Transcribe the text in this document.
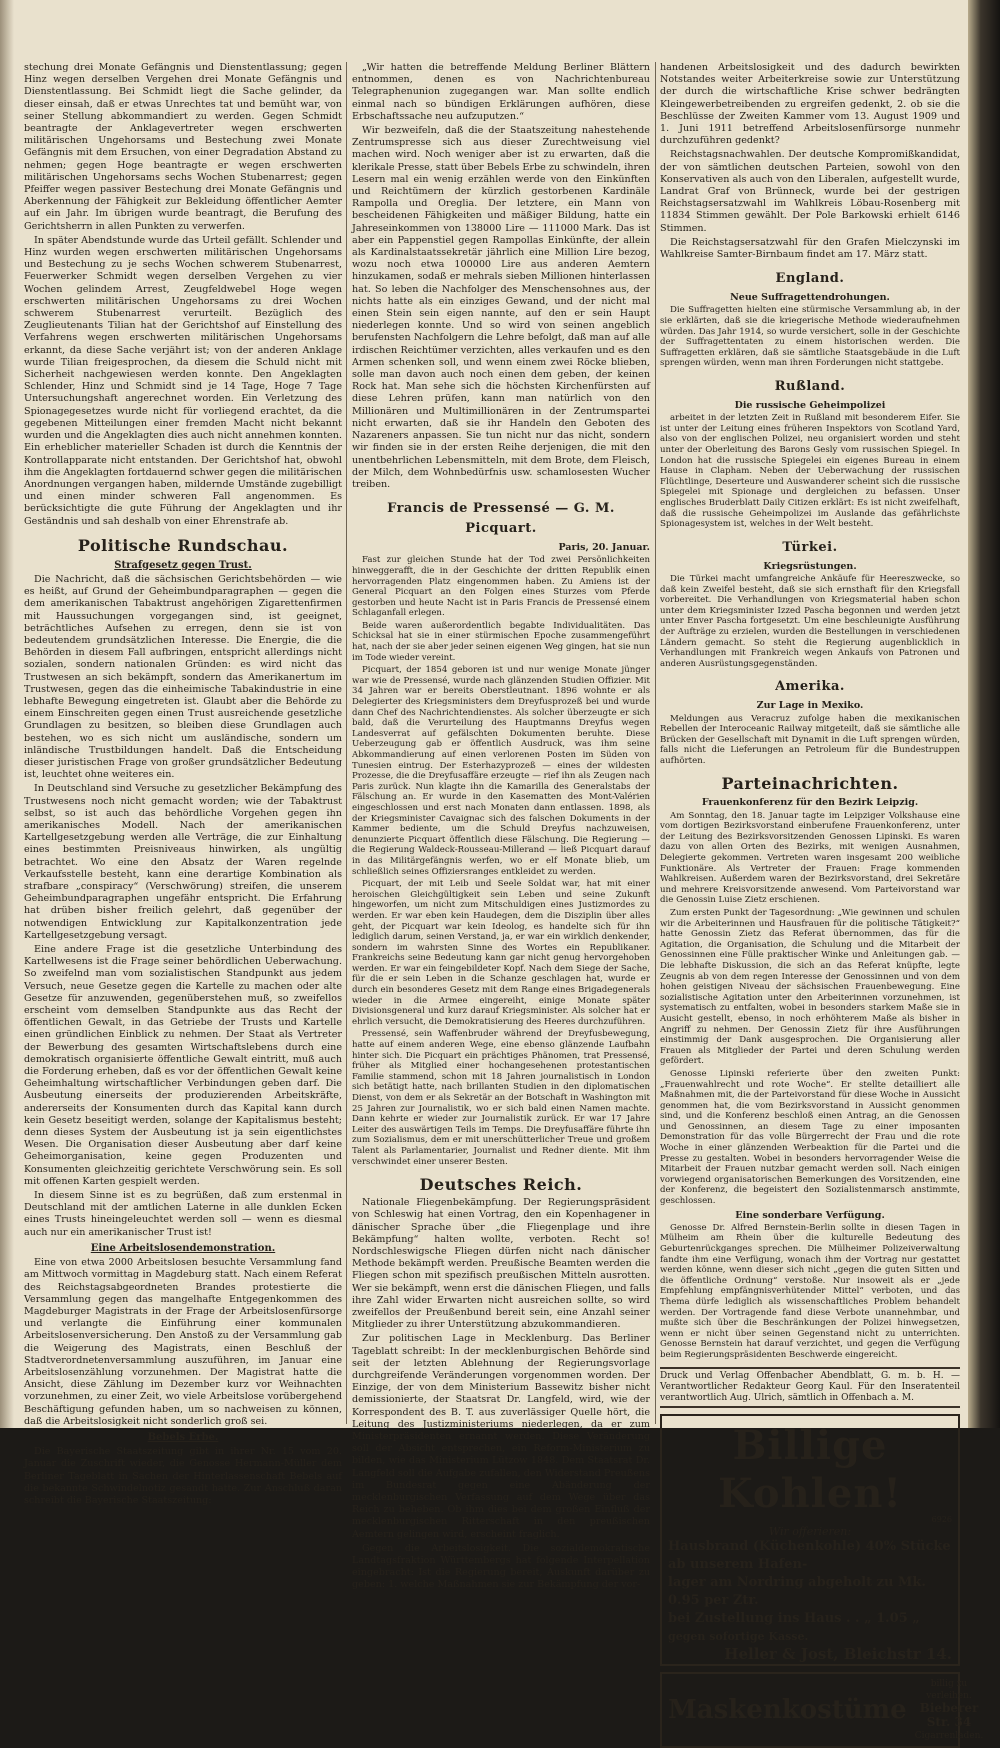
stechung drei Monate Gefängnis und Dienstentlassung; gegen Hinz wegen derselben Vergehen drei Monate Gefängnis und Dienstentlassung. Bei Schmidt liegt die Sache gelinder, da dieser einsah, daß er etwas Unrechtes tat und bemüht war, von seiner Stellung abkommandiert zu werden. Gegen Schmidt beantragte der Anklagevertreter wegen erschwerten militärischen Ungehorsams und Bestechung zwei Monate Gefängnis mit dem Ersuchen, von einer Degradation Abstand zu nehmen; gegen Hoge beantragte er wegen erschwerten militärischen Ungehorsams sechs Wochen Stubenarrest; gegen Pfeiffer wegen passiver Bestechung drei Monate Gefängnis und Aberkennung der Fähigkeit zur Bekleidung öffentlicher Aemter auf ein Jahr. Im übrigen wurde beantragt, die Berufung des Gerichtsherrn in allen Punkten zu verwerfen.

In später Abendstunde wurde das Urteil gefällt. Schlender und Hinz wurden wegen erschwerten militärischen Ungehorsams und Bestechung zu je sechs Wochen schwerem Stubenarrest, Feuerwerker Schmidt wegen derselben Vergehen zu vier Wochen gelindem Arrest, Zeugfeldwebel Hoge wegen erschwerten militärischen Ungehorsams zu drei Wochen schwerem Stubenarrest verurteilt. Bezüglich des Zeuglieutenants Tilian hat der Gerichtshof auf Einstellung des Verfahrens wegen erschwerten militärischen Ungehorsams erkannt, da diese Sache verjährt ist; von der anderen Anklage wurde Tilian freigesprochen, da diesem die Schuld nicht mit Sicherheit nachgewiesen werden konnte. Den Angeklagten Schlender, Hinz und Schmidt sind je 14 Tage, Hoge 7 Tage Untersuchungshaft angerechnet worden. Ein Verletzung des Spionagegesetzes wurde nicht für vorliegend erachtet, da die gegebenen Mitteilungen einer fremden Macht nicht bekannt wurden und die Angeklagten dies auch nicht annehmen konnten. Ein erheblicher materieller Schaden ist durch die Kenntnis der Kontrollapparate nicht entstanden. Der Gerichtshof hat, obwohl ihm die Angeklagten fortdauernd schwer gegen die militärischen Anordnungen vergangen haben, mildernde Umstände zugebilligt und einen minder schweren Fall angenommen. Es berücksichtigte die gute Führung der Angeklagten und ihr Geständnis und sah deshalb von einer Ehrenstrafe ab.

Politische Rundschau.
Strafgesetz gegen Trust.

Die Nachricht, daß die sächsischen Gerichtsbehörden — wie es heißt, auf Grund der Geheimbundparagraphen — gegen die dem amerikanischen Tabaktrust angehörigen Zigarettenfirmen mit Haussuchungen vorgegangen sind, ist geeignet, beträchtliches Aufsehen zu erregen, denn sie ist von bedeutendem grundsätzlichen Interesse. Die Energie, die die Behörden in diesem Fall aufbringen, entspricht allerdings nicht sozialen, sondern nationalen Gründen: es wird nicht das Trustwesen an sich bekämpft, sondern das Amerikanertum im Trustwesen, gegen das die einheimische Tabakindustrie in eine lebhafte Bewegung eingetreten ist. Glaubt aber die Behörde zu einem Einschreiten gegen einen Trust ausreichende gesetzliche Grundlagen zu besitzen, so bleiben diese Grundlagen auch bestehen, wo es sich nicht um ausländische, sondern um inländische Trustbildungen handelt. Daß die Entscheidung dieser juristischen Frage von großer grundsätzlicher Bedeutung ist, leuchtet ohne weiteres ein.

In Deutschland sind Versuche zu gesetzlicher Bekämpfung des Trustwesens noch nicht gemacht worden; wie der Tabaktrust selbst, so ist auch das behördliche Vorgehen gegen ihn amerikanisches Modell. Nach der amerikanischen Kartellgesetzgebung werden alle Verträge, die zur Einhaltung eines bestimmten Preisniveaus hinwirken, als ungültig betrachtet. Wo eine den Absatz der Waren regelnde Verkaufsstelle besteht, kann eine derartige Kombination als strafbare „conspiracy“ (Verschwörung) streifen, die unserem Geheimbundparagraphen ungefähr entspricht. Die Erfahrung hat drüben bisher freilich gelehrt, daß gegenüber der notwendigen Entwicklung zur Kapitalkonzentration jede Kartellgesetzgebung versagt.

Eine andere Frage ist die gesetzliche Unterbindung des Kartellwesens ist die Frage seiner behördlichen Ueberwachung. So zweifelnd man vom sozialistischen Standpunkt aus jedem Versuch, neue Gesetze gegen die Kartelle zu machen oder alte Gesetze für anzuwenden, gegenüberstehen muß, so zweifellos erscheint vom demselben Standpunkte aus das Recht der öffentlichen Gewalt, in das Getriebe der Trusts und Kartelle einen gründlichen Einblick zu nehmen. Der Staat als Vertreter der Bewerbung des gesamten Wirtschaftslebens durch eine demokratisch organisierte öffentliche Gewalt eintritt, muß auch die Forderung erheben, daß es vor der öffentlichen Gewalt keine Geheimhaltung wirtschaftlicher Verbindungen geben darf. Die Ausbeutung einerseits der produzierenden Arbeitskräfte, andererseits der Konsumenten durch das Kapital kann durch kein Gesetz beseitigt werden, solange der Kapitalismus besteht; denn dieses System der Ausbeutung ist ja sein eigentlichstes Wesen. Die Organisation dieser Ausbeutung aber darf keine Geheimorganisation, keine gegen Produzenten und Konsumenten gleichzeitig gerichtete Verschwörung sein. Es soll mit offenen Karten gespielt werden.

In diesem Sinne ist es zu begrüßen, daß zum erstenmal in Deutschland mit der amtlichen Laterne in alle dunklen Ecken eines Trusts hineingeleuchtet werden soll — wenn es diesmal auch nur ein amerikanischer Trust ist!

Eine Arbeitslosendemonstration.

Eine von etwa 2000 Arbeitslosen besuchte Versammlung fand am Mittwoch vormittag in Magdeburg statt. Nach einem Referat des Reichstagsabgeordneten Brandes protestierte die Versammlung gegen das mangelhafte Entgegenkommen des Magdeburger Magistrats in der Frage der Arbeitslosenfürsorge und verlangte die Einführung einer kommunalen Arbeitslosenversicherung. Den Anstoß zu der Versammlung gab die Weigerung des Magistrats, einen Beschluß der Stadtverordnetenversammlung auszuführen, im Januar eine Arbeitslosenzählung vorzunehmen. Der Magistrat hatte die Ansicht, diese Zählung im Dezember kurz vor Weihnachten vorzunehmen, zu einer Zeit, wo viele Arbeitslose vorübergehend Beschäftigung gefunden haben, um so nachweisen zu können, daß die Arbeitslosigkeit nicht sonderlich groß sei.

Bebels Erbe.

Die Bayerische Staatszeitung gibt in ihrer Nr. 15 vom 20. Januar die Zuschrift wieder, die Genosse Hermann-Müller dem Berliner Tageblatt in Sachen der Hinterlassenschaft Bebels auf die bekannte Schwindelnotiz gesandt hatte. Zur Anschluß daran schreibt die Bayerische Staatszeitung:

„Wir hatten die betreffende Meldung Berliner Blättern entnommen, denen es von Nachrichtenbureau Telegraphenunion zugegangen war. Man sollte endlich einmal nach so bündigen Erklärungen aufhören, diese Erbschaftssache neu aufzuputzen.“

Wir bezweifeln, daß die der Staatszeitung nahestehende Zentrumspresse sich aus dieser Zurechtweisung viel machen wird. Noch weniger aber ist zu erwarten, daß die klerikale Presse, statt über Bebels Erbe zu schwindeln, ihren Lesern mal ein wenig erzählen werde von den Einkünften und Reichtümern der kürzlich gestorbenen Kardinäle Rampolla und Oreglia. Der letztere, ein Mann von bescheidenen Fähigkeiten und mäßiger Bildung, hatte ein Jahreseinkommen von 138000 Lire — 111000 Mark. Das ist aber ein Pappenstiel gegen Rampollas Einkünfte, der allein als Kardinalstaatssekretär jährlich eine Million Lire bezog, wozu noch etwa 100000 Lire aus anderen Aemtern hinzukamen, sodaß er mehrals sieben Millionen hinterlassen hat. So leben die Nachfolger des Menschensohnes aus, der nichts hatte als ein einziges Gewand, und der nicht mal einen Stein sein eigen nannte, auf den er sein Haupt niederlegen konnte. Und so wird von seinen angeblich berufensten Nachfolgern die Lehre befolgt, daß man auf alle irdischen Reichtümer verzichten, alles verkaufen und es den Armen schenken soll, und wenn einem zwei Röcke blieben, solle man davon auch noch einen dem geben, der keinen Rock hat. Man sehe sich die höchsten Kirchenfürsten auf diese Lehren prüfen, kann man natürlich von den Millionären und Multimillionären in der Zentrumspartei nicht erwarten, daß sie ihr Handeln den Geboten des Nazareners anpassen. Sie tun nicht nur das nicht, sondern wir finden sie in der ersten Reihe derjenigen, die mit den unentbehrlichen Lebensmitteln, mit dem Brote, dem Fleisch, der Milch, dem Wohnbedürfnis usw. schamlosesten Wucher treiben.

Francis de Pressensé — G. M. Picquart.
Paris, 20. Januar.

Fast zur gleichen Stunde hat der Tod zwei Persönlichkeiten hinweggerafft, die in der Geschichte der dritten Republik einen hervorragenden Platz eingenommen haben. Zu Amiens ist der General Picquart an den Folgen eines Sturzes vom Pferde gestorben und heute Nacht ist in Paris Francis de Pressensé einem Schlaganfall erlegen.

Beide waren außerordentlich begabte Individualitäten. Das Schicksal hat sie in einer stürmischen Epoche zusammengeführt hat, nach der sie aber jeder seinen eigenen Weg gingen, hat sie nun im Tode wieder vereint.

Picquart, der 1854 geboren ist und nur wenige Monate jünger war wie de Pressensé, wurde nach glänzenden Studien Offizier. Mit 34 Jahren war er bereits Oberstleutnant. 1896 wohnte er als Delegierter des Kriegsministers dem Dreyfusprozeß bei und wurde dann Chef des Nachrichtendienstes. Als solcher überzeugte er sich bald, daß die Verurteilung des Hauptmanns Dreyfus wegen Landesverrat auf gefälschten Dokumenten beruhte. Diese Ueberzeugung gab er öffentlich Ausdruck, was ihm seine Abkommandierung auf einen verlorenen Posten im Süden von Tunesien eintrug. Der Esterhazyprozeß — eines der wildesten Prozesse, die die Dreyfusaffäre erzeugte — rief ihn als Zeugen nach Paris zurück. Nun klagte ihn die Kamarilla des Generalstabs der Fälschung an. Er wurde in den Kasematten des Mont-Valérien eingeschlossen und erst nach Monaten dann entlassen. 1898, als der Kriegsminister Cavaignac sich des falschen Dokuments in der Kammer bediente, um die Schuld Dreyfus nachzuweisen, denunzierte Picquart öffentlich diese Fälschung. Die Regierung — die Regierung Waldeck-Rousseau-Millerand — ließ Picquart darauf in das Militärgefängnis werfen, wo er elf Monate blieb, um schließlich seines Offiziersranges entkleidet zu werden.

Picquart, der mit Leib und Seele Soldat war, hat mit einer heroischen Gleichgültigkeit sein Leben und seine Zukunft hingeworfen, um nicht zum Mitschuldigen eines Justizmordes zu werden. Er war eben kein Haudegen, dem die Disziplin über alles geht, der Picquart war kein Ideolog, es handelte sich für ihn lediglich darum, seinen Verstand, ja, er war ein wirklich denkender, sondern im wahrsten Sinne des Wortes ein Republikaner. Frankreichs seine Bedeutung kann gar nicht genug hervorgehoben werden. Er war ein feingebildeter Kopf. Nach dem Siege der Sache, für die er sein Leben in die Schanze geschlagen hat, wurde er durch ein besonderes Gesetz mit dem Range eines Brigadegenerals wieder in die Armee eingereiht, einige Monate später Divisionsgeneral und kurz darauf Kriegsminister. Als solcher hat er ehrlich versucht, die Demokratisierung des Heeres durchzuführen.

Pressensé, sein Waffenbruder während der Dreyfusbewegung, hatte auf einem anderen Wege, eine ebenso glänzende Laufbahn hinter sich. Die Picquart ein prächtiges Phänomen, trat Pressensé, früher als Mitglied einer hochangesehenen protestantischen Familie stammend, schon mit 18 Jahren journalistisch in London sich betätigt hatte, nach brillanten Studien in den diplomatischen Dienst, von dem er als Sekretär an der Botschaft in Washington mit 25 Jahren zur Journalistik, wo er sich bald einen Namen machte. Dann kehrte er wieder zur Journalistik zurück. Er war 17 Jahre Leiter des auswärtigen Teils im Temps. Die Dreyfusaffäre führte ihn zum Sozialismus, dem er mit unerschütterlicher Treue und großem Talent als Parlamentarier, Journalist und Redner diente. Mit ihm verschwindet einer unserer Besten.

Deutsches Reich.

Nationale Fliegenbekämpfung. Der Regierungspräsident von Schleswig hat einen Vortrag, den ein Kopenhagener in dänischer Sprache über „die Fliegenplage und ihre Bekämpfung“ halten wollte, verboten. Recht so! Nordschleswigsche Fliegen dürfen nicht nach dänischer Methode bekämpft werden. Preußische Beamten werden die Fliegen schon mit spezifisch preußischen Mitteln ausrotten. Wer sie bekämpft, wenn erst die dänischen Fliegen, und falls ihre Zahl wider Erwarten nicht ausreichen sollte, so wird zweifellos der Preußenbund bereit sein, eine Anzahl seiner Mitglieder zu ihrer Unterstützung abzukommandieren.

Zur politischen Lage in Mecklenburg. Das Berliner Tageblatt schreibt: In der mecklenburgischen Behörde sind seit der letzten Ablehnung der Regierungsvorlage durchgreifende Veränderungen vorgenommen worden. Der Einzige, der von dem Ministerium Bassewitz bisher nicht demissionierte, der Staatsrat Dr. Langfeld, wird, wie der Korrespondent des B. T. aus zuverlässiger Quelle hört, die Leitung des Justizministeriums niederlegen, da er zum Ministerpräsidenten ernannt werden. Diese Veränderung soll der Absicht entsprechen, ein Reform-Ministerium zu bilden, wie das Ministerium Lützow 1848. Dem Staatsrat Dr. Langfeld soll die Aufgabe zufallen, den Widerstand Preußens im Bundesrat gegen eine Abänderung der mecklenburgischen Verfassung auf dem Wege über das Reich zu beheben. Ob ihm dies bei dem großen Einfluß der mecklenburgischen Ritterschaft in den preußischen Aemtern gelingen wird, erscheint fraglich.

Gegen die Arbeitslosigkeit. Die sozialdemokratische Landtagsfraktion Württembergs hat folgende Interpellation eingebracht: Ist die Regierung bereit, Auskunft darüber zu geben: 1. welche Maßnahmen sie zur Bekämpfung der vor-

handenen Arbeitslosigkeit und des dadurch bewirkten Notstandes weiter Arbeiterkreise sowie zur Unterstützung der durch die wirtschaftliche Krise schwer bedrängten Kleingewerbetreibenden zu ergreifen gedenkt, 2. ob sie die Beschlüsse der Zweiten Kammer vom 13. August 1909 und 1. Juni 1911 betreffend Arbeitslosenfürsorge nunmehr durchzuführen gedenkt?

Reichstagsnachwahlen. Der deutsche Kompromißkandidat, der von sämtlichen deutschen Parteien, sowohl von den Konservativen als auch von den Liberalen, aufgestellt wurde, Landrat Graf von Brünneck, wurde bei der gestrigen Reichstagsersatzwahl im Wahlkreis Löbau-Rosenberg mit 11834 Stimmen gewählt. Der Pole Barkowski erhielt 6146 Stimmen.

Die Reichstagsersatzwahl für den Grafen Mielczynski im Wahlkreise Samter-Birnbaum findet am 17. März statt.

England.
Neue Suffragettendrohungen.

Die Suffragetten hielten eine stürmische Versammlung ab, in der sie erklärten, daß sie die kriegerische Methode wiederaufnehmen würden. Das Jahr 1914, so wurde versichert, solle in der Geschichte der Suffragettentaten zu einem historischen werden. Die Suffragetten erklären, daß sie sämtliche Staatsgebäude in die Luft sprengen würden, wenn man ihren Forderungen nicht stattgebe.

Rußland.
Die russische Geheimpolizei

arbeitet in der letzten Zeit in Rußland mit besonderem Eifer. Sie ist unter der Leitung eines früheren Inspektors von Scotland Yard, also von der englischen Polizei, neu organisiert worden und steht unter der Oberleitung des Barons Gesly vom russischen Spiegel. In London hat die russische Spiegelei ein eigenes Bureau in einem Hause in Clapham. Neben der Ueberwachung der russischen Flüchtlinge, Deserteure und Auswanderer scheint sich die russische Spiegelei mit Spionage und dergleichen zu befassen. Unser englisches Bruderblatt Daily Citizen erklärt: Es ist nicht zweifelhaft, daß die russische Geheimpolizei im Auslande das gefährlichste Spionagesystem ist, welches in der Welt besteht.

Türkei.
Kriegsrüstungen.

Die Türkei macht umfangreiche Ankäufe für Heereszwecke, so daß kein Zweifel besteht, daß sie sich ernsthaft für den Kriegsfall vorbereitet. Die Verhandlungen von Kriegsmaterial haben schon unter dem Kriegsminister Izzed Pascha begonnen und werden jetzt unter Enver Pascha fortgesetzt. Um eine beschleunigte Ausführung der Aufträge zu erzielen, wurden die Bestellungen in verschiedenen Ländern gemacht. So steht die Regierung augenblicklich in Verhandlungen mit Frankreich wegen Ankaufs von Patronen und anderen Ausrüstungsgegenständen.

Amerika.
Zur Lage in Mexiko.

Meldungen aus Veracruz zufolge haben die mexikanischen Rebellen der Interoceanic Railway mitgeteilt, daß sie sämtliche alle Brücken der Gesellschaft mit Dynamit in die Luft sprengen würden, falls nicht die Lieferungen an Petroleum für die Bundestruppen aufhörten.

Parteinachrichten.
Frauenkonferenz für den Bezirk Leipzig.

Am Sonntag, den 18. Januar tagte im Leipziger Volkshause eine vom dortigen Bezirksvorstand einberufene Frauenkonferenz, unter der Leitung des Bezirksvorsitzenden Genossen Lipinski. Es waren dazu von allen Orten des Bezirks, mit wenigen Ausnahmen, Delegierte gekommen. Vertreten waren insgesamt 200 weibliche Funktionäre. Als Vertreter der Frauen: Frage kommenden Wahlkreisen. Außerdem waren der Bezirksvorstand, drei Sekretäre und mehrere Kreisvorsitzende anwesend. Vom Parteivorstand war die Genossin Luise Zietz erschienen.

Zum ersten Punkt der Tagesordnung: „Wie gewinnen und schulen wir die Arbeiterinnen und Hausfrauen für die politische Tätigkeit?“ hatte Genossin Zietz das Referat übernommen, das für die Agitation, die Organisation, die Schulung und die Mitarbeit der Genossinnen eine Fülle praktischer Winke und Anleitungen gab. — Die lebhafte Diskussion, die sich an das Referat knüpfte, legte Zeugnis ab von dem regen Interesse der Genossinnen und von dem hohen geistigen Niveau der sächsischen Frauenbewegung. Eine sozialistische Agitation unter den Arbeiterinnen vorzunehmen, ist systematisch zu entfalten, wobei in besonders starkem Maße sie in Ausicht gestellt, ebenso, in noch erhöhterem Maße als bisher in Angriff zu nehmen. Der Genossin Zietz für ihre Ausführungen einstimmig der Dank ausgesprochen. Die Organisierung aller Frauen als Mitglieder der Partei und deren Schulung werden gefördert.

Genosse Lipinski referierte über den zweiten Punkt: „Frauenwahlrecht und rote Woche“. Er stellte detailliert alle Maßnahmen mit, die der Parteivorstand für diese Woche in Aussicht genommen hat, die vom Bezirksvorstand in Aussicht genommen sind, und die Konferenz beschloß einen Antrag, an die Genossen und Genossinnen, an diesem Tage zu einer imposanten Demonstration für das volle Bürgerrecht der Frau und die rote Woche in einer glänzenden Werbeaktion für die Partei und die Presse zu gestalten. Wobei in besonders hervorragender Weise die Mitarbeit der Frauen nutzbar gemacht werden soll. Nach einigen vorwiegend organisatorischen Bemerkungen des Vorsitzenden, eine der Konferenz, die begeistert den Sozialistenmarsch anstimmte, geschlossen.

Eine sonderbare Verfügung.

Genosse Dr. Alfred Bernstein-Berlin sollte in diesen Tagen in Mülheim am Rhein über die kulturelle Bedeutung des Geburtenrückganges sprechen. Die Mülheimer Polizeiverwaltung fandte ihm eine Verfügung, wonach ihm der Vortrag nur gestattet werden könne, wenn dieser sich nicht „gegen die guten Sitten und die öffentliche Ordnung“ verstoße. Nur insoweit als er „jede Empfehlung empfängnisverhütender Mittel“ verboten, und das Thema dürfe lediglich als wissenschaftliches Problem behandelt werden. Der Vortragende fand diese Verbote unannehmbar, und mußte sich über die Beschränkungen der Polizei hinwegsetzen, wenn er nicht über seinen Gegenstand nicht zu unterrichten. Genosse Bernstein hat darauf verzichtet, und gegen die Verfügung beim Regierungspräsidenten Beschwerde eingereicht.

Druck und Verlag Offenbacher Abendblatt, G. m. b. H. — Verantwortlicher Redakteur Georg Kaul. Für den Inseratenteil verantwortlich Aug. Ulrich, sämtlich in Offenbach a. M.
Billige Kohlen!
6926
Wir offerieren:
Hausbrand (Küchenkohle) 40% Stücke ab unserem Hafen-
lager am Nordring abgeholt zu Mk. 0.95 per Ztr.
bei Zustellung ins Haus . . „ 1.05 „
gegen sofortige Kasse.
Heller & Jost, Bleichstr 14.
Maskenkostüme
billig zu verleihen.
Bieberer Str. 34
Cigarrenladen.
